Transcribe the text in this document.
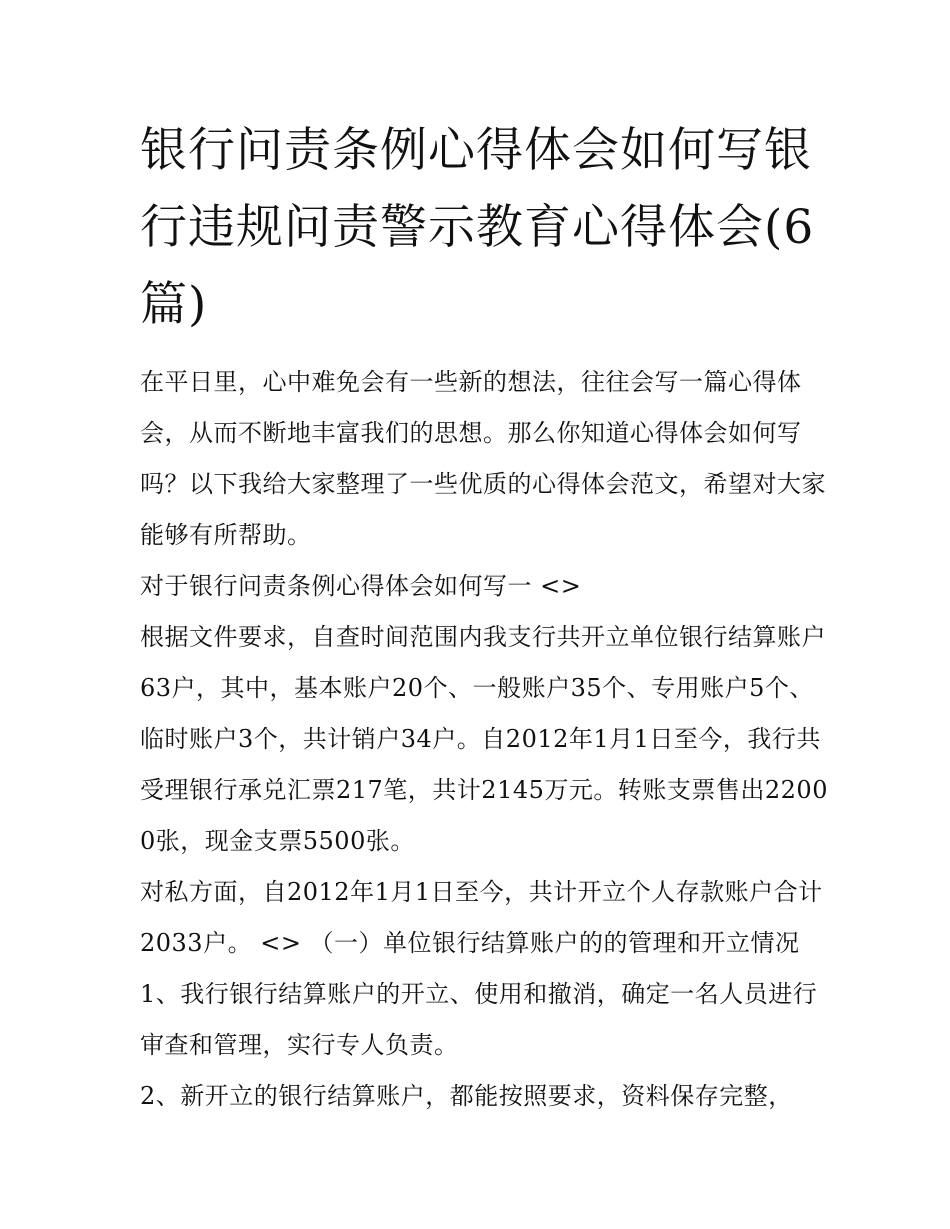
银行问责条例心得体会如何写银行违规问责警示教育心得体会(6篇)

在平日里，心中难免会有一些新的想法，往往会写一篇心得体会，从而不断地丰富我们的思想。那么你知道心得体会如何写吗？以下我给大家整理了一些优质的心得体会范文，希望对大家能够有所帮助。

对于银行问责条例心得体会如何写一 <>

根据文件要求，自查时间范围内我支行共开立单位银行结算账户63户，其中，基本账户20个、一般账户35个、专用账户5个、临时账户3个，共计销户34户。自2012年1月1日至今，我行共受理银行承兑汇票217笔，共计2145万元。转账支票售出22000张，现金支票5500张。

对私方面，自2012年1月1日至今，共计开立个人存款账户合计2033户。 <> （一）单位银行结算账户的的管理和开立情况

1、我行银行结算账户的开立、使用和撤消，确定一名人员进行审查和管理，实行专人负责。

2、新开立的银行结算账户，都能按照要求，资料保存完整，
